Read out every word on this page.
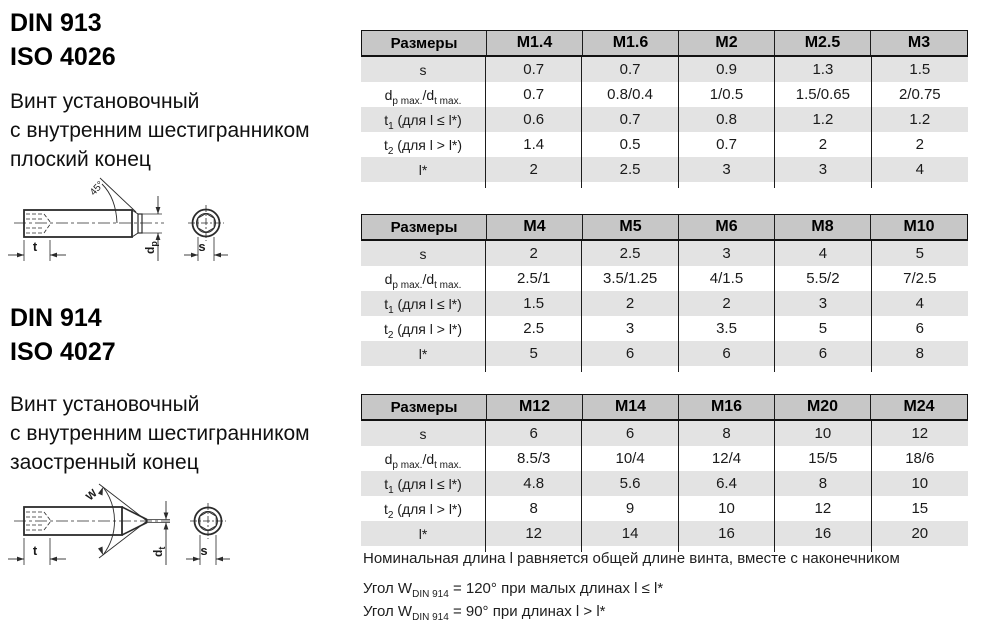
DIN 913
ISO 4026
Винт установочный
с внутренним шестигранником
плоский конец
t	s
$d_p$
45°
DIN 914
ISO 4027
Винт установочный
с внутренним шестигранником
заостренный конец
t	s
$d_t$
W
Размеры	M1.4	M1.6	M2	M2.5	M3
s	0.7	0.7	0.9	1.3	1.5
$d_{p max.}/d_{t max.}$	0.7	0.8/0.4	1/0.5	1.5/0.65	2/0.75
$t_1$ (для l ≤ l*)	0.6	0.7	0.8	1.2	1.2
$t_2$ (для l > l*)	1.4	0.5	0.7	2	2
l*	2	2.5	3	3	4
Размеры	M4	M5	M6	M8	M10
s	2	2.5	3	4	5
$d_{p max.}/d_{t max.}$	2.5/1	3.5/1.25	4/1.5	5.5/2	7/2.5
$t_1$ (для l ≤ l*)	1.5	2	2	3	4
$t_2$ (для l > l*)	2.5	3	3.5	5	6
l*	5	6	6	6	8
Размеры	M12	M14	M16	M20	M24
s	6	6	8	10	12
$d_{p max.}/d_{t max.}$	8.5/3	10/4	12/4	15/5	18/6
$t_1$ (для l ≤ l*)	4.8	5.6	6.4	8	10
$t_2$ (для l > l*)	8	9	10	12	15
l*	12	14	16	16	20
Номинальная длина l равняется общей длине винта, вместе с наконечником
Угол $W_{DIN 914} = 120^\circ$ при малых длинах l ≤ l*
Угол $W_{DIN 914} = 90^\circ$ при длинах l > l*
